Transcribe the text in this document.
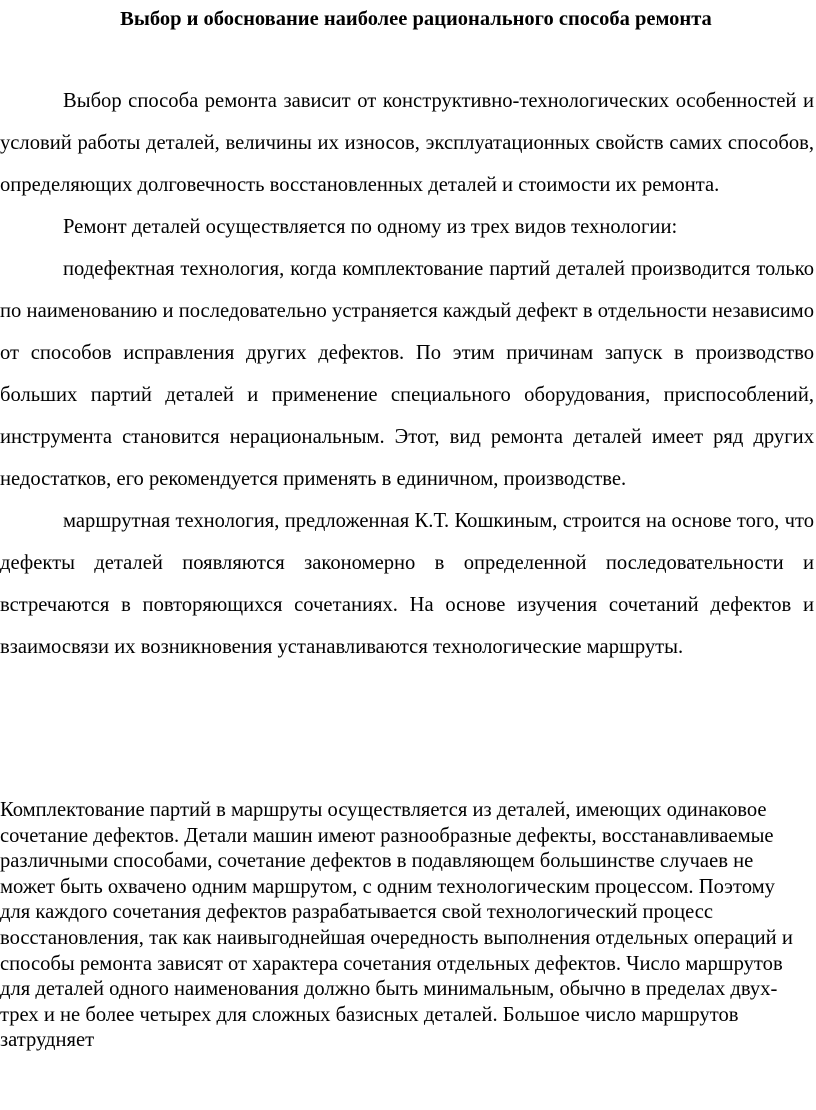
Выбор и обоснование наиболее рационального способа ремонта

Выбор способа ремонта зависит от конструктивно-технологических особенностей и условий работы деталей, величины их износов, эксплуатационных свойств самих способов, определяющих долговечность восстановленных деталей и стоимости их ремонта.

Ремонт деталей осуществляется по одному из трех видов технологии:

подефектная технология, когда комплектование партий деталей производится только по наименованию и последовательно устраняется каждый дефект в отдельности независимо от способов исправления других дефектов. По этим причинам запуск в производство больших партий деталей и применение специального оборудования, приспособлений, инструмента становится нерациональным. Этот, вид ремонта деталей имеет ряд других недостатков, его рекомендуется применять в единичном, производстве.

маршрутная технология, предложенная К.Т. Кошкиным, строится на основе того, что дефекты деталей появляются закономерно в определенной последовательности и встречаются в повторяющихся сочетаниях. На основе изучения сочетаний дефектов и взаимосвязи их возникновения устанавливаются технологические маршруты.

Комплектование партий в маршруты осуществляется из деталей, имеющих одинаковое сочетание дефектов. Детали машин имеют разнообразные дефекты, восстанавливаемые различными способами, сочетание дефектов в подавляющем большинстве случаев не может быть охвачено одним маршрутом, с одним технологическим процессом. Поэтому для каждого сочетания дефектов разрабатывается свой технологический процесс восстановления, так как наивыгоднейшая очередность выполнения отдельных операций и способы ремонта зависят от характера сочетания отдельных дефектов. Число маршрутов для деталей одного наименования должно быть минимальным, обычно в пределах двух-трех и не более четырех для сложных базисных деталей. Большое число маршрутов затрудняет
